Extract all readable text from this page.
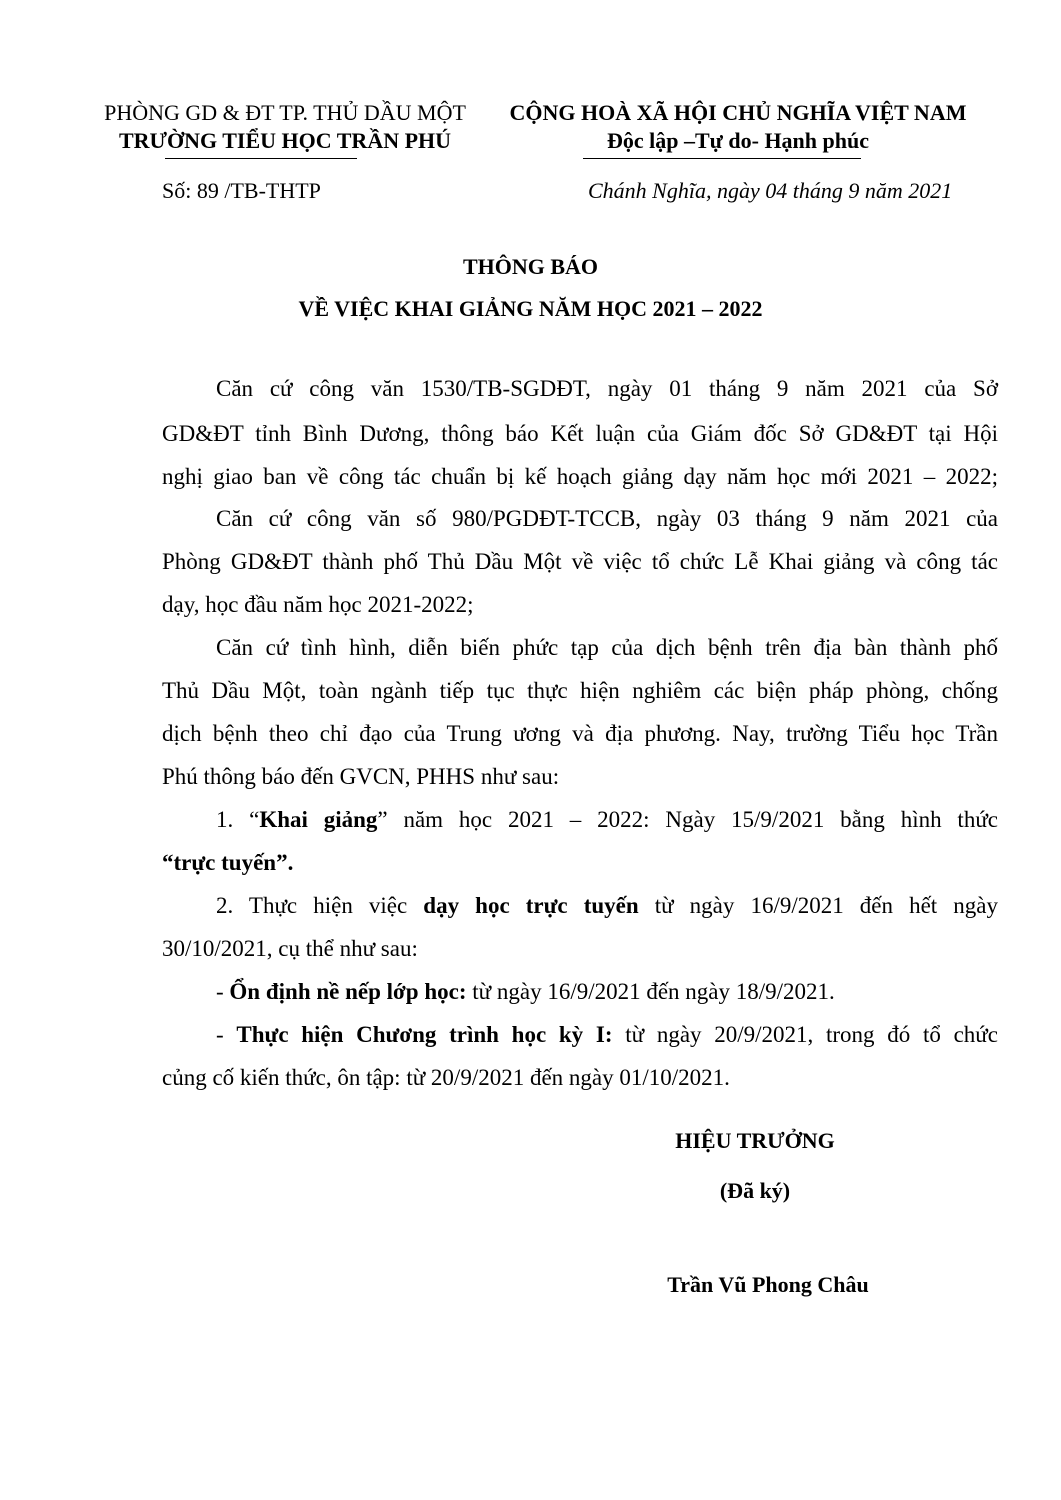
PHÒNG GD & ĐT TP. THỦ DẦU MỘT
TRƯỜNG TIỂU HỌC TRẦN PHÚ
CỘNG HOÀ XÃ HỘI CHỦ NGHĨA VIỆT NAM
Độc lập –Tự do- Hạnh phúc
Số: 89 /TB-THTP	Chánh Nghĩa, ngày 04 tháng 9 năm 2021
THÔNG BÁO
VỀ VIỆC KHAI GIẢNG NĂM HỌC 2021 – 2022
Căn cứ công văn 1530/TB-SGDĐT, ngày 01 tháng 9 năm 2021 của Sở
GD&ĐT tỉnh Bình Dương, thông báo Kết luận của Giám đốc Sở GD&ĐT tại Hội
nghị giao ban về công tác chuẩn bị kế hoạch giảng dạy năm học mới 2021 – 2022;
Căn cứ công văn số 980/PGDĐT-TCCB, ngày 03 tháng 9 năm 2021 của
Phòng GD&ĐT thành phố Thủ Dầu Một về việc tổ chức Lễ Khai giảng và công tác
dạy, học đầu năm học 2021-2022;
Căn cứ tình hình, diễn biến phức tạp của dịch bệnh trên địa bàn thành phố
Thủ Dầu Một, toàn ngành tiếp tục thực hiện nghiêm các biện pháp phòng, chống
dịch bệnh theo chỉ đạo của Trung ương và địa phương. Nay, trường Tiểu học Trần
Phú thông báo đến GVCN, PHHS như sau:
1. “Khai giảng” năm học 2021 – 2022: Ngày 15/9/2021 bằng hình thức
“trực tuyến”.
2. Thực hiện việc dạy học trực tuyến từ ngày 16/9/2021 đến hết ngày
30/10/2021, cụ thể như sau:
- Ổn định nề nếp lớp học: từ ngày 16/9/2021 đến ngày 18/9/2021.
- Thực hiện Chương trình học kỳ I: từ ngày 20/9/2021, trong đó tổ chức
củng cố kiến thức, ôn tập: từ 20/9/2021 đến ngày 01/10/2021.
HIỆU TRƯỞNG
(Đã ký)
Trần Vũ Phong Châu
